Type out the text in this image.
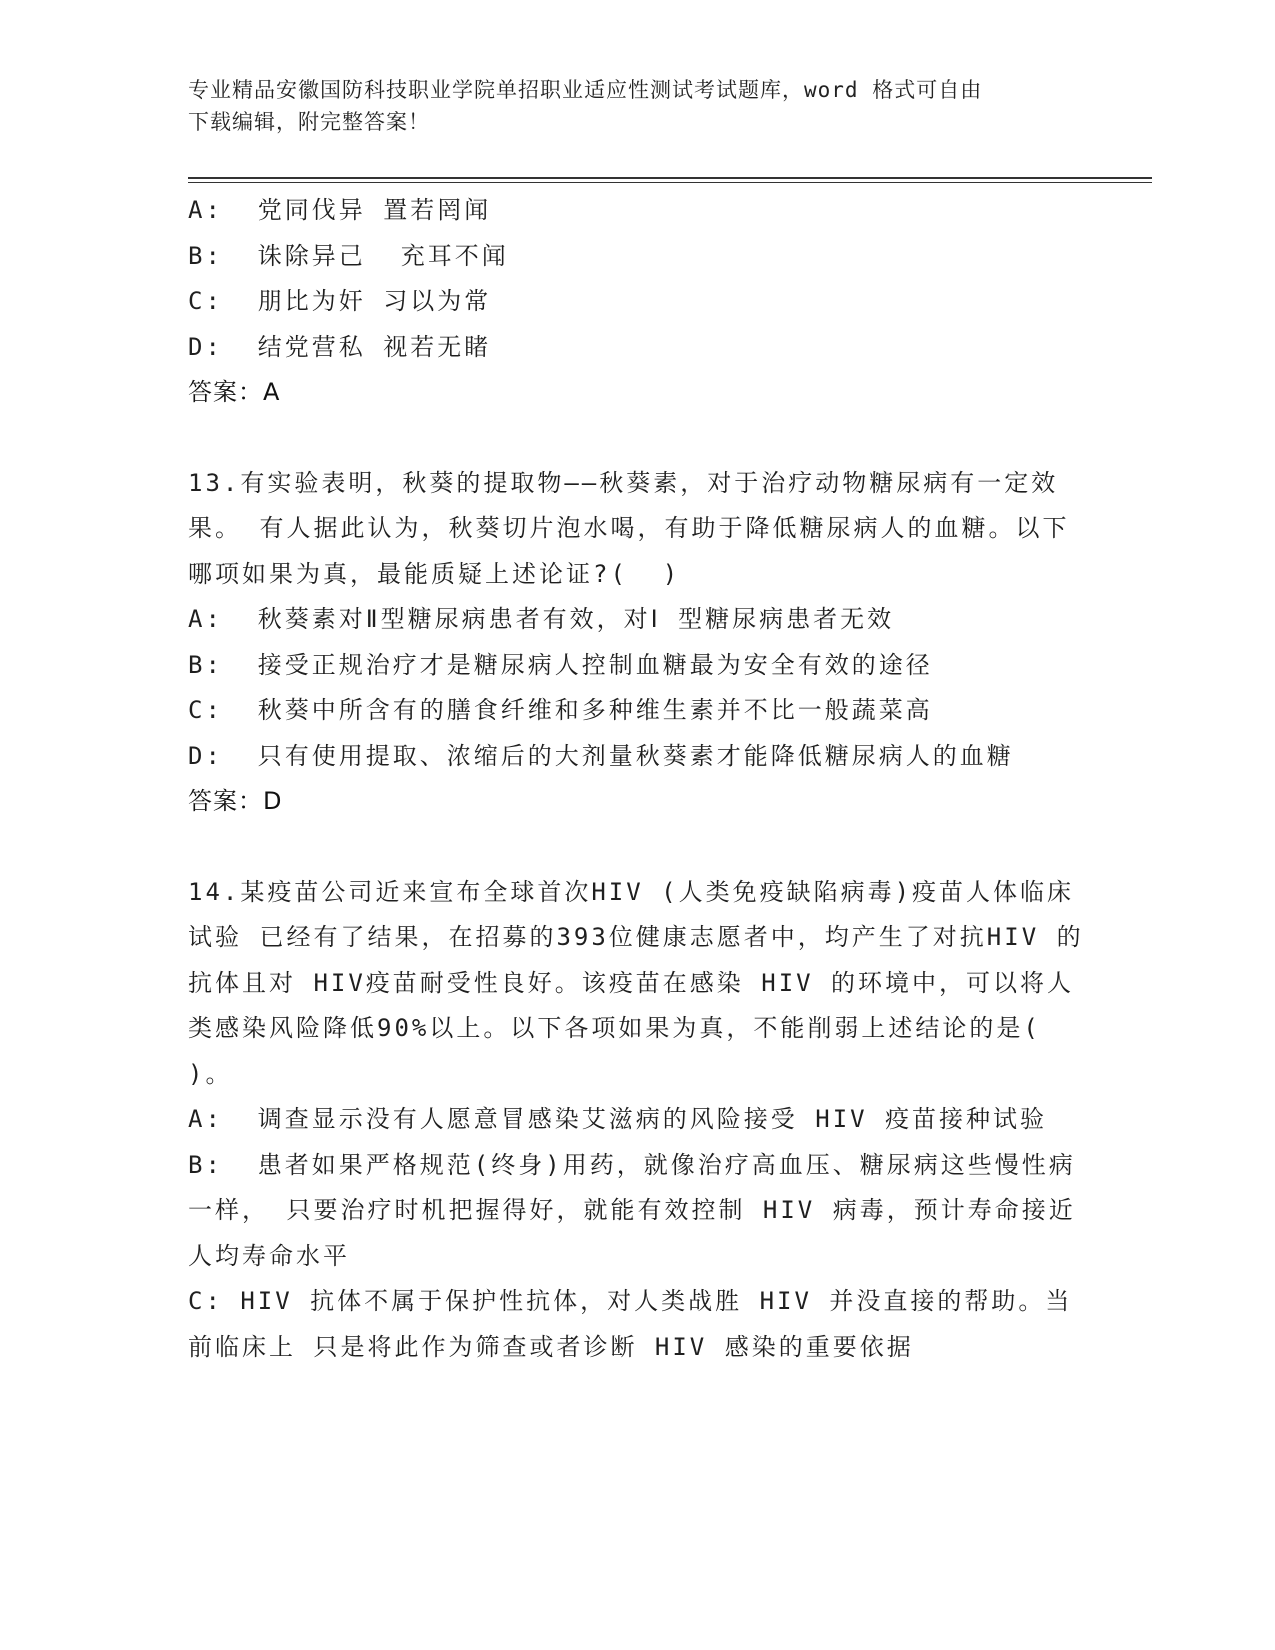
专业精品安徽国防科技职业学院单招职业适应性测试考试题库，word 格式可自由
下载编辑，附完整答案！
A:  党同伐异 置若罔闻
B:  诛除异己  充耳不闻
C:  朋比为奸 习以为常
D:  结党营私 视若无睹
答案：A
13.有实验表明，秋葵的提取物——秋葵素，对于治疗动物糖尿病有一定效果。 有人据此认为，秋葵切片泡水喝，有助于降低糖尿病人的血糖。以下哪项如果为真，最能质疑上述论证?(  )
A:  秋葵素对Ⅱ型糖尿病患者有效，对Ⅰ 型糖尿病患者无效
B:  接受正规治疗才是糖尿病人控制血糖最为安全有效的途径
C:  秋葵中所含有的膳食纤维和多种维生素并不比一般蔬菜高
D:  只有使用提取、浓缩后的大剂量秋葵素才能降低糖尿病人的血糖
答案：D
14.某疫苗公司近来宣布全球首次HIV (人类免疫缺陷病毒)疫苗人体临床试验 已经有了结果，在招募的393位健康志愿者中，均产生了对抗HIV 的抗体且对 HIV疫苗耐受性良好。该疫苗在感染 HIV 的环境中，可以将人类感染风险降低90%以上。以下各项如果为真，不能削弱上述结论的是(  )。
A:  调查显示没有人愿意冒感染艾滋病的风险接受 HIV 疫苗接种试验
B:  患者如果严格规范(终身)用药，就像治疗高血压、糖尿病这些慢性病一样， 只要治疗时机把握得好，就能有效控制 HIV 病毒，预计寿命接近人均寿命水平
C: HIV 抗体不属于保护性抗体，对人类战胜 HIV 并没直接的帮助。当前临床上 只是将此作为筛查或者诊断 HIV 感染的重要依据
